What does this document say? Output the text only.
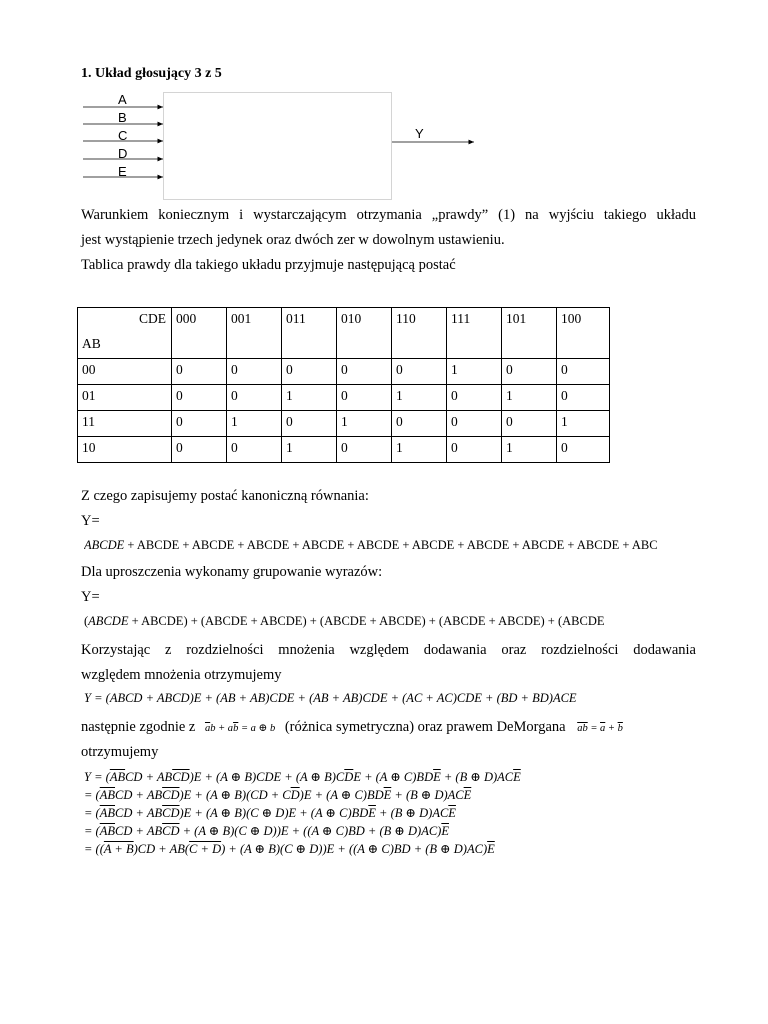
1. Układ głosujący 3 z 5
A
B
C
D
E
Y
Warunkiem koniecznym i wystarczającym otrzymania „prawdy” (1) na wyjściu takiego układu
jest wystąpienie trzech jedynek oraz dwóch zer w dowolnym ustawieniu.
Tablica prawdy dla takiego układu przyjmuje następującą postać
CDE
AB	000	001	011	010	110	111	101	100
00	0	0	0	0	0	1	0	0
01	0	0	1	0	1	0	1	0
11	0	1	0	1	0	0	0	1
10	0	0	1	0	1	0	1	0
Z czego zapisujemy postać kanoniczną równania:
Y=
$\overline{AB}CDE + A\overline{B}C\overline{D}E + A\overline{B}CD\overline{E} + A\overline{BC}DE + ABC\overline{DE} + A\overline{BC}D\overline{E} + AB\overline{C}D\overline{E} + \overline{A}BC\overline{D}E + AB\overline{CD}E + \overline{A}B\overline{C}DE$ + ABC
Dla uproszczenia wykonamy grupowanie wyrazów:
Y=
$(\overline{AB}CDE + ABC\overline{DE}) + (A\overline{B}C\overline{D}E + A\overline{BC}DE) + (\overline{A}BC\overline{D}E + AB\overline{CD}E) + (A\overline{B}CD\overline{E} + AB\overline{C}D\overline{E}) + (A\overline{B}CD\overline{E}$
Korzystając z rozdzielności mnożenia względem dodawania oraz rozdzielności dodawania
względem mnożenia otrzymujemy
$Y = (\overline{AB}CD + AB\overline{CD})E + (\overline{A}B + A\overline{B})CDE + (\overline{A}B + A\overline{B})C\overline{D}E + (\overline{A}C + A\overline{C})CD\overline{E} + (\overline{B}D + B\overline{D})AC\overline{E}$
następnie zgodnie z $\overline{a}b + a\overline{b} = a$ ⊕ b (różnica symetryczna) oraz prawem DeMorgana $\overline{ab} = \overline{a} + \overline{b}$
otrzymujemy
$Y = (\overline{AB}CD + AB\overline{CD})E + (A$ ⊕ B)CDE + (A ⊕ $B)C\overline{D}E + (A$ ⊕ $C)BD\overline{E} + (B$ ⊕ $D)AC\overline{E}$
= $(\overline{AB}CD + AB\overline{CD})E + (A$ ⊕ $B)(CD + C\overline{D})E + (A$ ⊕ $C)BD\overline{E} + (B$ ⊕ $D)AC\overline{E}$
= $(\overline{AB}CD + AB\overline{CD})E + (A$ ⊕ B)(C ⊕ D)E + (A ⊕ $C)BD\overline{E} + (B$ ⊕ $D)AC\overline{E}$
= ($\overline{AB}CD + AB\overline{CD} + (A$ ⊕ B)(C ⊕ D))E + ((A ⊕ C)BD + (B ⊕ $D)AC)\overline{E}$
= ((A + B)CD + AB(C + D) + (A ⊕ B)(C ⊕ D))E + ((A ⊕ C)BD + (B ⊕ $D)AC)\overline{E}$
